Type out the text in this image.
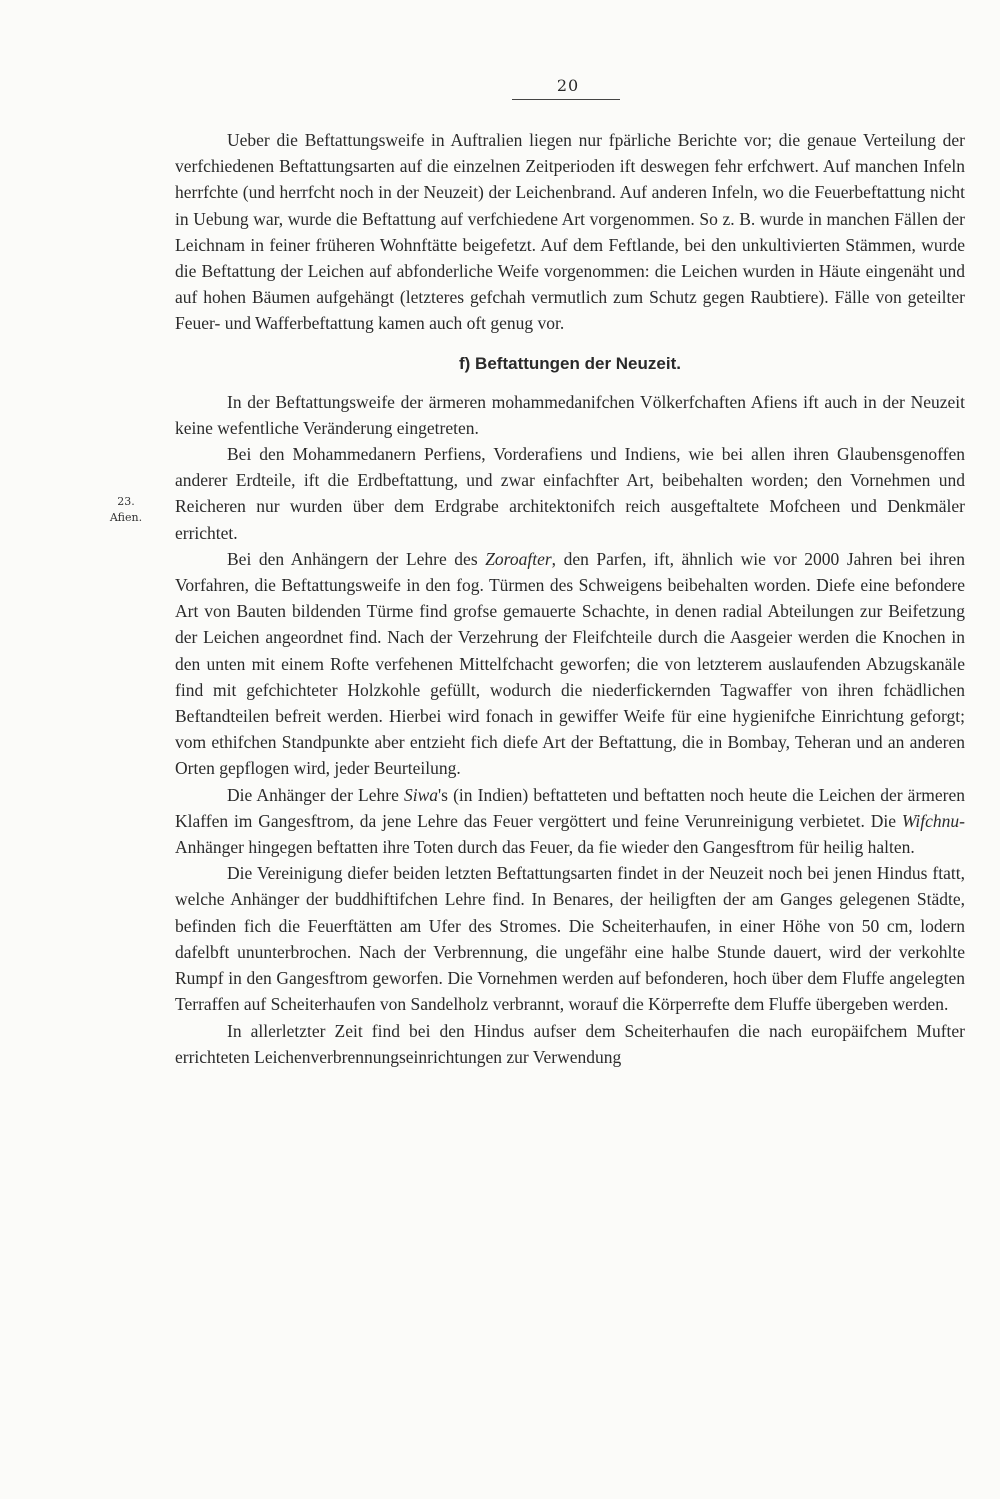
20
23.
Afien.

Ueber die Beftattungsweife in Auftralien liegen nur fpärliche Berichte vor; die genaue Verteilung der verfchiedenen Beftattungsarten auf die einzelnen Zeitperioden ift deswegen fehr erfchwert. Auf manchen Infeln herrfchte (und herrfcht noch in der Neuzeit) der Leichenbrand. Auf anderen Infeln, wo die Feuerbeftattung nicht in Uebung war, wurde die Beftattung auf verfchiedene Art vorgenommen. So z. B. wurde in manchen Fällen der Leichnam in feiner früheren Wohnftätte beigefetzt. Auf dem Feftlande, bei den unkultivierten Stämmen, wurde die Beftattung der Leichen auf abfonderliche Weife vorgenommen: die Leichen wurden in Häute eingenäht und auf hohen Bäumen aufgehängt (letzteres gefchah vermutlich zum Schutz gegen Raubtiere). Fälle von geteilter Feuer- und Wafferbeftattung kamen auch oft genug vor.

f) Beftattungen der Neuzeit.

In der Beftattungsweife der ärmeren mohammedanifchen Völkerfchaften Afiens ift auch in der Neuzeit keine wefentliche Veränderung eingetreten.

Bei den Mohammedanern Perfiens, Vorderafiens und Indiens, wie bei allen ihren Glaubensgenoffen anderer Erdteile, ift die Erdbeftattung, und zwar einfachfter Art, beibehalten worden; den Vornehmen und Reicheren nur wurden über dem Erdgrabe architektonifch reich ausgeftaltete Mofcheen und Denkmäler errichtet.

Bei den Anhängern der Lehre des Zoroafter, den Parfen, ift, ähnlich wie vor 2000 Jahren bei ihren Vorfahren, die Beftattungsweife in den fog. Türmen des Schweigens beibehalten worden. Diefe eine befondere Art von Bauten bildenden Türme find grofse gemauerte Schachte, in denen radial Abteilungen zur Beifetzung der Leichen angeordnet find. Nach der Verzehrung der Fleifchteile durch die Aasgeier werden die Knochen in den unten mit einem Rofte verfehenen Mittelfchacht geworfen; die von letzterem auslaufenden Abzugskanäle find mit gefchichteter Holzkohle gefüllt, wodurch die niederfickernden Tagwaffer von ihren fchädlichen Beftandteilen befreit werden. Hierbei wird fonach in gewiffer Weife für eine hygienifche Einrichtung geforgt; vom ethifchen Standpunkte aber entzieht fich diefe Art der Beftattung, die in Bombay, Teheran und an anderen Orten gepflogen wird, jeder Beurteilung.

Die Anhänger der Lehre Siwa's (in Indien) beftatteten und beftatten noch heute die Leichen der ärmeren Klaffen im Gangesftrom, da jene Lehre das Feuer vergöttert und feine Verunreinigung verbietet. Die Wifchnu-Anhänger hingegen beftatten ihre Toten durch das Feuer, da fie wieder den Gangesftrom für heilig halten.

Die Vereinigung diefer beiden letzten Beftattungsarten findet in der Neuzeit noch bei jenen Hindus ftatt, welche Anhänger der buddhiftifchen Lehre find. In Benares, der heiligften der am Ganges gelegenen Städte, befinden fich die Feuerftätten am Ufer des Stromes. Die Scheiterhaufen, in einer Höhe von 50 cm, lodern dafelbft ununterbrochen. Nach der Verbrennung, die ungefähr eine halbe Stunde dauert, wird der verkohlte Rumpf in den Gangesftrom geworfen. Die Vornehmen werden auf befonderen, hoch über dem Fluffe angelegten Terraffen auf Scheiterhaufen von Sandelholz verbrannt, worauf die Körperrefte dem Fluffe übergeben werden.

In allerletzter Zeit find bei den Hindus aufser dem Scheiterhaufen die nach europäifchem Mufter errichteten Leichenverbrennungseinrichtungen zur Verwendung
